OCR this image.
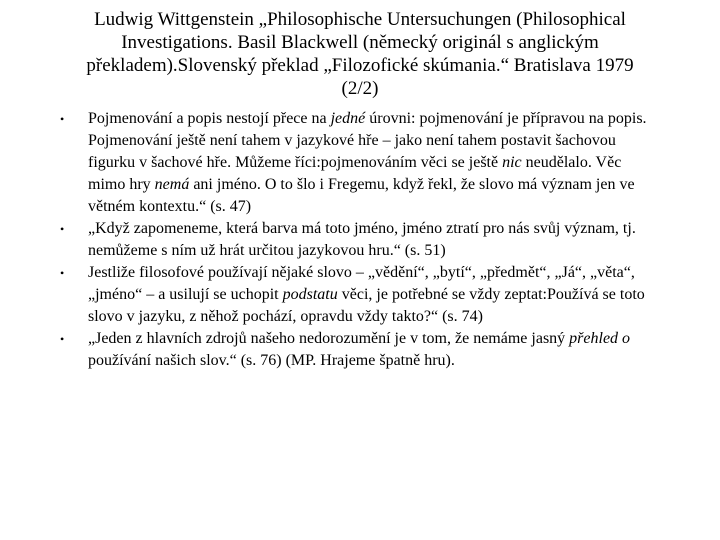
Ludwig Wittgenstein „Philosophische Untersuchungen (Philosophical
Investigations. Basil Blackwell (německý originál s anglickým
překladem).Slovenský překlad „Filozofické skúmania.“ Bratislava 1979
(2/2)
• Pojmenování a popis nestojí přece na jedné úrovni: pojmenování je přípravou na popis. Pojmenování ještě není tahem v jazykové hře – jako není tahem postavit šachovou figurku v šachové hře. Můžeme říci:pojmenováním věci se ještě nic neudělalo. Věc mimo hry nemá ani jméno. O to šlo i Fregemu, když řekl, že slovo má význam jen ve větném kontextu.“ (s. 47)
• „Když zapomeneme, která barva má toto jméno, jméno ztratí pro nás svůj význam, tj. nemůžeme s ním už hrát určitou jazykovou hru.“ (s. 51)
• Jestliže filosofové používají nějaké slovo – „vědění“, „bytí“, „předmět“, „Já“, „věta“, „jméno“ – a usilují se uchopit podstatu věci, je potřebné se vždy zeptat:Používá se toto slovo v jazyku, z něhož pochází, opravdu vždy takto?“ (s. 74)
• „Jeden z hlavních zdrojů našeho nedorozumění je v tom, že nemáme jasný přehled o používání našich slov.“ (s. 76) (MP. Hrajeme špatně hru).
